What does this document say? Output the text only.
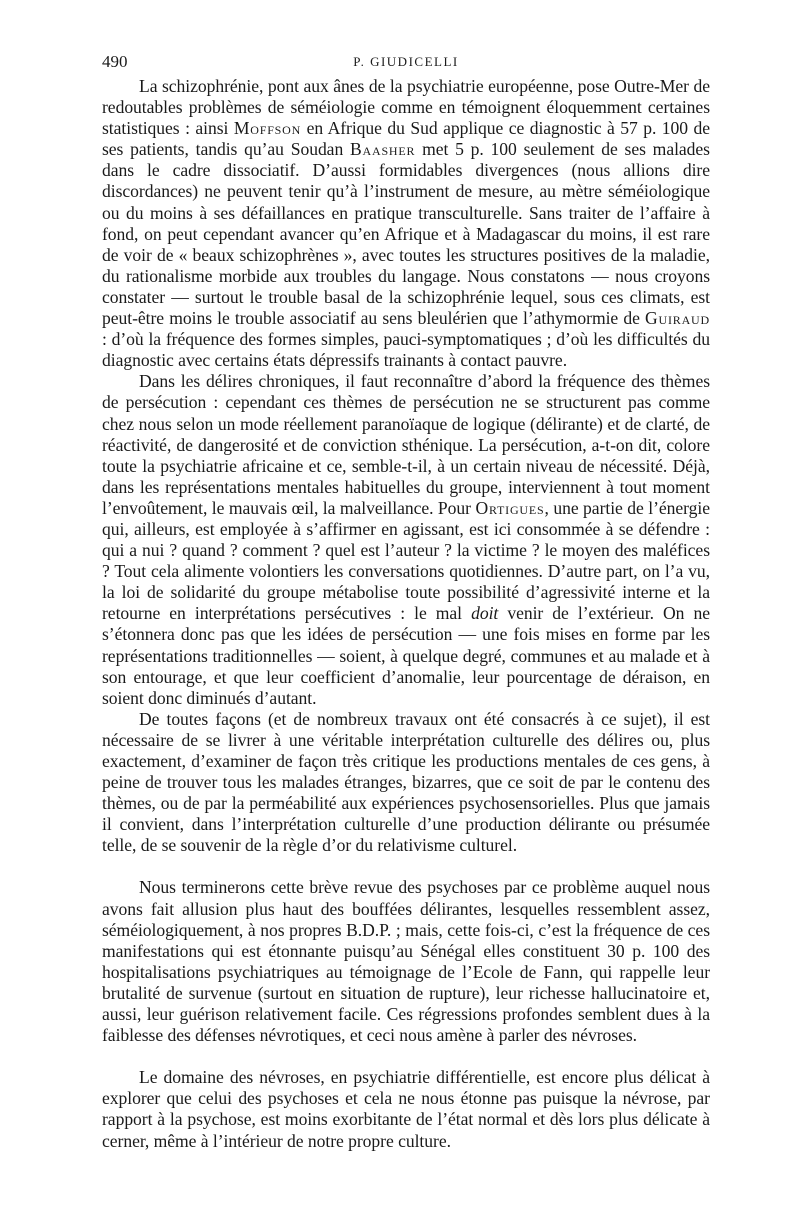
490	P. GIUDICELLI

La schizophrénie, pont aux ânes de la psychiatrie européenne, pose Outre-Mer de redoutables problèmes de séméiologie comme en témoignent éloquemment certaines statistiques : ainsi Moffson en Afrique du Sud applique ce diagnostic à 57 p. 100 de ses patients, tandis qu’au Soudan Baasher met 5 p. 100 seulement de ses malades dans le cadre dissociatif. D’aussi formidables divergences (nous allions dire discordances) ne peuvent tenir qu’à l’instrument de mesure, au mètre séméiologique ou du moins à ses défaillances en pratique transculturelle. Sans traiter de l’affaire à fond, on peut cependant avancer qu’en Afrique et à Madagascar du moins, il est rare de voir de « beaux schizophrènes », avec toutes les structures positives de la maladie, du rationalisme morbide aux troubles du langage. Nous constatons — nous croyons constater — surtout le trouble basal de la schizophrénie lequel, sous ces climats, est peut-être moins le trouble associatif au sens bleulérien que l’athymormie de Guiraud : d’où la fréquence des formes simples, pauci-symptomatiques ; d’où les difficultés du diagnostic avec certains états dépressifs trainants à contact pauvre.

Dans les délires chroniques, il faut reconnaître d’abord la fréquence des thèmes de persécution : cependant ces thèmes de persécution ne se structurent pas comme chez nous selon un mode réellement paranoïaque de logique (délirante) et de clarté, de réactivité, de dangerosité et de conviction sthénique. La persécution, a-t-on dit, colore toute la psychiatrie africaine et ce, semble-t-il, à un certain niveau de nécessité. Déjà, dans les représentations mentales habituelles du groupe, interviennent à tout moment l’envoûtement, le mauvais œil, la malveillance. Pour Ortigues, une partie de l’énergie qui, ailleurs, est employée à s’affirmer en agissant, est ici consommée à se défendre : qui a nui ? quand ? comment ? quel est l’auteur ? la victime ? le moyen des maléfices ? Tout cela alimente volontiers les conversations quotidiennes. D’autre part, on l’a vu, la loi de solidarité du groupe métabolise toute possibilité d’agressivité interne et la retourne en interprétations persécutives : le mal doit venir de l’extérieur. On ne s’étonnera donc pas que les idées de persécution — une fois mises en forme par les représentations traditionnelles — soient, à quelque degré, communes et au malade et à son entourage, et que leur coefficient d’anomalie, leur pourcentage de déraison, en soient donc diminués d’autant.

De toutes façons (et de nombreux travaux ont été consacrés à ce sujet), il est nécessaire de se livrer à une véritable interprétation culturelle des délires ou, plus exactement, d’examiner de façon très critique les productions mentales de ces gens, à peine de trouver tous les malades étranges, bizarres, que ce soit de par le contenu des thèmes, ou de par la perméabilité aux expériences psychosensorielles. Plus que jamais il convient, dans l’interprétation culturelle d’une production délirante ou présumée telle, de se souvenir de la règle d’or du relativisme culturel.

Nous terminerons cette brève revue des psychoses par ce problème auquel nous avons fait allusion plus haut des bouffées délirantes, lesquelles ressemblent assez, séméiologiquement, à nos propres B.D.P. ; mais, cette fois-ci, c’est la fréquence de ces manifestations qui est étonnante puisqu’au Sénégal elles constituent 30 p. 100 des hospitalisations psychiatriques au témoignage de l’Ecole de Fann, qui rappelle leur brutalité de survenue (surtout en situation de rupture), leur richesse hallucinatoire et, aussi, leur guérison relativement facile. Ces régressions profondes semblent dues à la faiblesse des défenses névrotiques, et ceci nous amène à parler des névroses.

Le domaine des névroses, en psychiatrie différentielle, est encore plus délicat à explorer que celui des psychoses et cela ne nous étonne pas puisque la névrose, par rapport à la psychose, est moins exorbitante de l’état normal et dès lors plus délicate à cerner, même à l’intérieur de notre propre culture.
